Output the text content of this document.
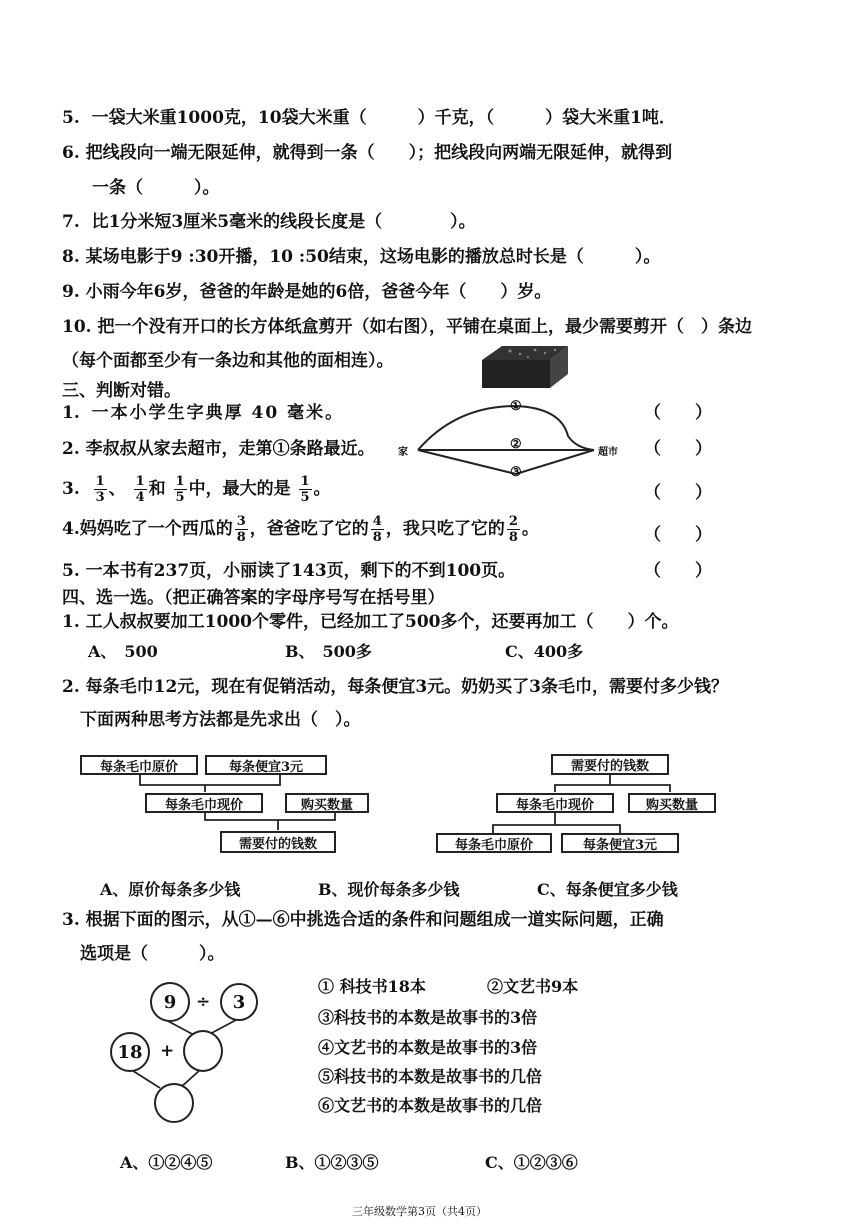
5. 一袋大米重1000克，10袋大米重（　　　）千克，（　　　）袋大米重1吨．
6. 把线段向一端无限延伸，就得到一条（　　）；把线段向两端无限延伸，就得到
一条（　　　）。
7. 比1分米短3厘米5毫米的线段长度是（　　　　）。
8. 某场电影于9 :30开播，10 :50结束，这场电影的播放总时长是（　　　）。
9. 小雨今年6岁，爸爸的年龄是她的6倍，爸爸今年（　　）岁。
10. 把一个没有开口的长方体纸盒剪开（如右图），平铺在桌面上，最少需要剪开（　）条边
（每个面都至少有一条边和其他的面相连）。
三、判断对错。
1. 一本小学生字典厚 40 毫米。	（　　）
2. 李叔叔从家去超市，走第①条路最近。	（　　）
家	超市
①
②
③
3.
$\frac{1}{3}$ 、
$\frac{1}{4}$ 和
$\frac{1}{5}$ 中，最大的是
$\frac{1}{5}$ 。	（　　）
4. 妈妈吃了一个西瓜的 $\frac{3}{8}$ ，爸爸吃了它的 $\frac{4}{8}$ ，我只吃了它的 $\frac{2}{8}$ 。	（　　）
5. 一本书有237页，小丽读了143页，剩下的不到100页。	（　　）
四、选一选。（把正确答案的字母序号写在括号里）
1. 工人叔叔要加工1000个零件，已经加工了500多个，还要再加工（　　）个。
A、　500	B、　500多	C、400多
2. 每条毛巾12元，现在有促销活动，每条便宜3元。奶奶买了3条毛巾，需要付多少钱？
下面两种思考方法都是先求出（　）。
每条毛巾原价	每条便宜3元
每条毛巾现价	购买数量
需要付的钱数
需要付的钱数
每条毛巾现价	购买数量
每条毛巾原价	每条便宜3元
A、原价每条多少钱	B、现价每条多少钱	C、每条便宜多少钱
3. 根据下面的图示，从①—⑥中挑选合适的条件和问题组成一道实际问题，正确
选项是（　　　）。
9	÷	3
18	+
① 科技书18本	②文艺书9本
③科技书的本数是故事书的3倍
④文艺书的本数是故事书的3倍
⑤科技书的本数是故事书的几倍
⑥文艺书的本数是故事书的几倍
A、①②④⑤	B、①②③⑤	C、①②③⑥
三年级数学第3页（共4页）
